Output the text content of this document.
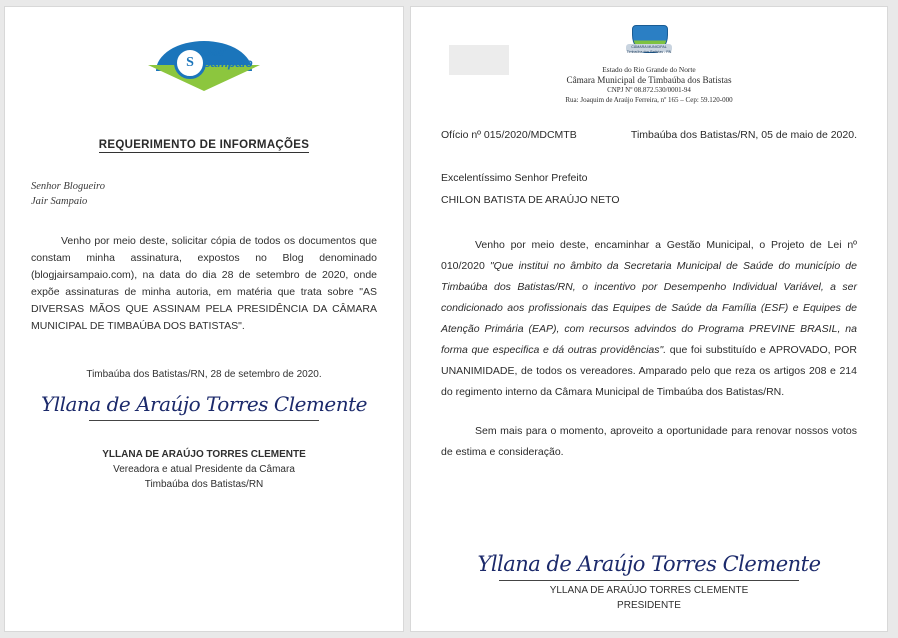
S
Jair
sampaio
REQUERIMENTO DE INFORMAÇÕES
Senhor Blogueiro
Jair Sampaio
Venho por meio deste, solicitar cópia de todos os documentos que constam minha assinatura, expostos no Blog denominado (blogjairsampaio.com), na data do dia 28 de setembro de 2020, onde expõe assinaturas de minha autoria, em matéria que trata sobre "AS DIVERSAS MÃOS QUE ASSINAM PELA PRESIDÊNCIA DA CÂMARA MUNICIPAL DE TIMBAÚBA DOS BATISTAS".
Timbaúba dos Batistas/RN, 28 de setembro de 2020.
Yllana de Araújo Torres Clemente
YLLANA DE ARAÚJO TORRES CLEMENTE
Vereadora e atual Presidente da Câmara
Timbaúba dos Batistas/RN
CÂMARA MUNICIPAL
Timbaúba dos Batistas - RN
Estado do Rio Grande do Norte
Câmara Municipal de Timbaúba dos Batistas
CNPJ Nº 08.872.530/0001-94
Rua: Joaquim de Araújo Ferreira, nº 165 – Cep: 59.120-000
Ofício nº 015/2020/MDCMTB	Timbaúba dos Batistas/RN, 05 de maio de 2020.
Excelentíssimo Senhor Prefeito
CHILON BATISTA DE ARAÚJO NETO
Venho por meio deste, encaminhar a Gestão Municipal, o Projeto de Lei nº 010/2020 "Que institui no âmbito da Secretaria Municipal de Saúde do município de Timbaúba dos Batistas/RN, o incentivo por Desempenho Individual Variável, a ser condicionado aos profissionais das Equipes de Saúde da Família (ESF) e Equipes de Atenção Primária (EAP), com recursos advindos do Programa PREVINE BRASIL, na forma que especifica e dá outras providências". que foi substituído e APROVADO, POR UNANIMIDADE, de todos os vereadores. Amparado pelo que reza os artigos 208 e 214 do regimento interno da Câmara Municipal de Timbaúba dos Batistas/RN.
Sem mais para o momento, aproveito a oportunidade para renovar nossos votos de estima e consideração.
Yllana de Araújo Torres Clemente
YLLANA DE ARAÚJO TORRES CLEMENTE
PRESIDENTE
